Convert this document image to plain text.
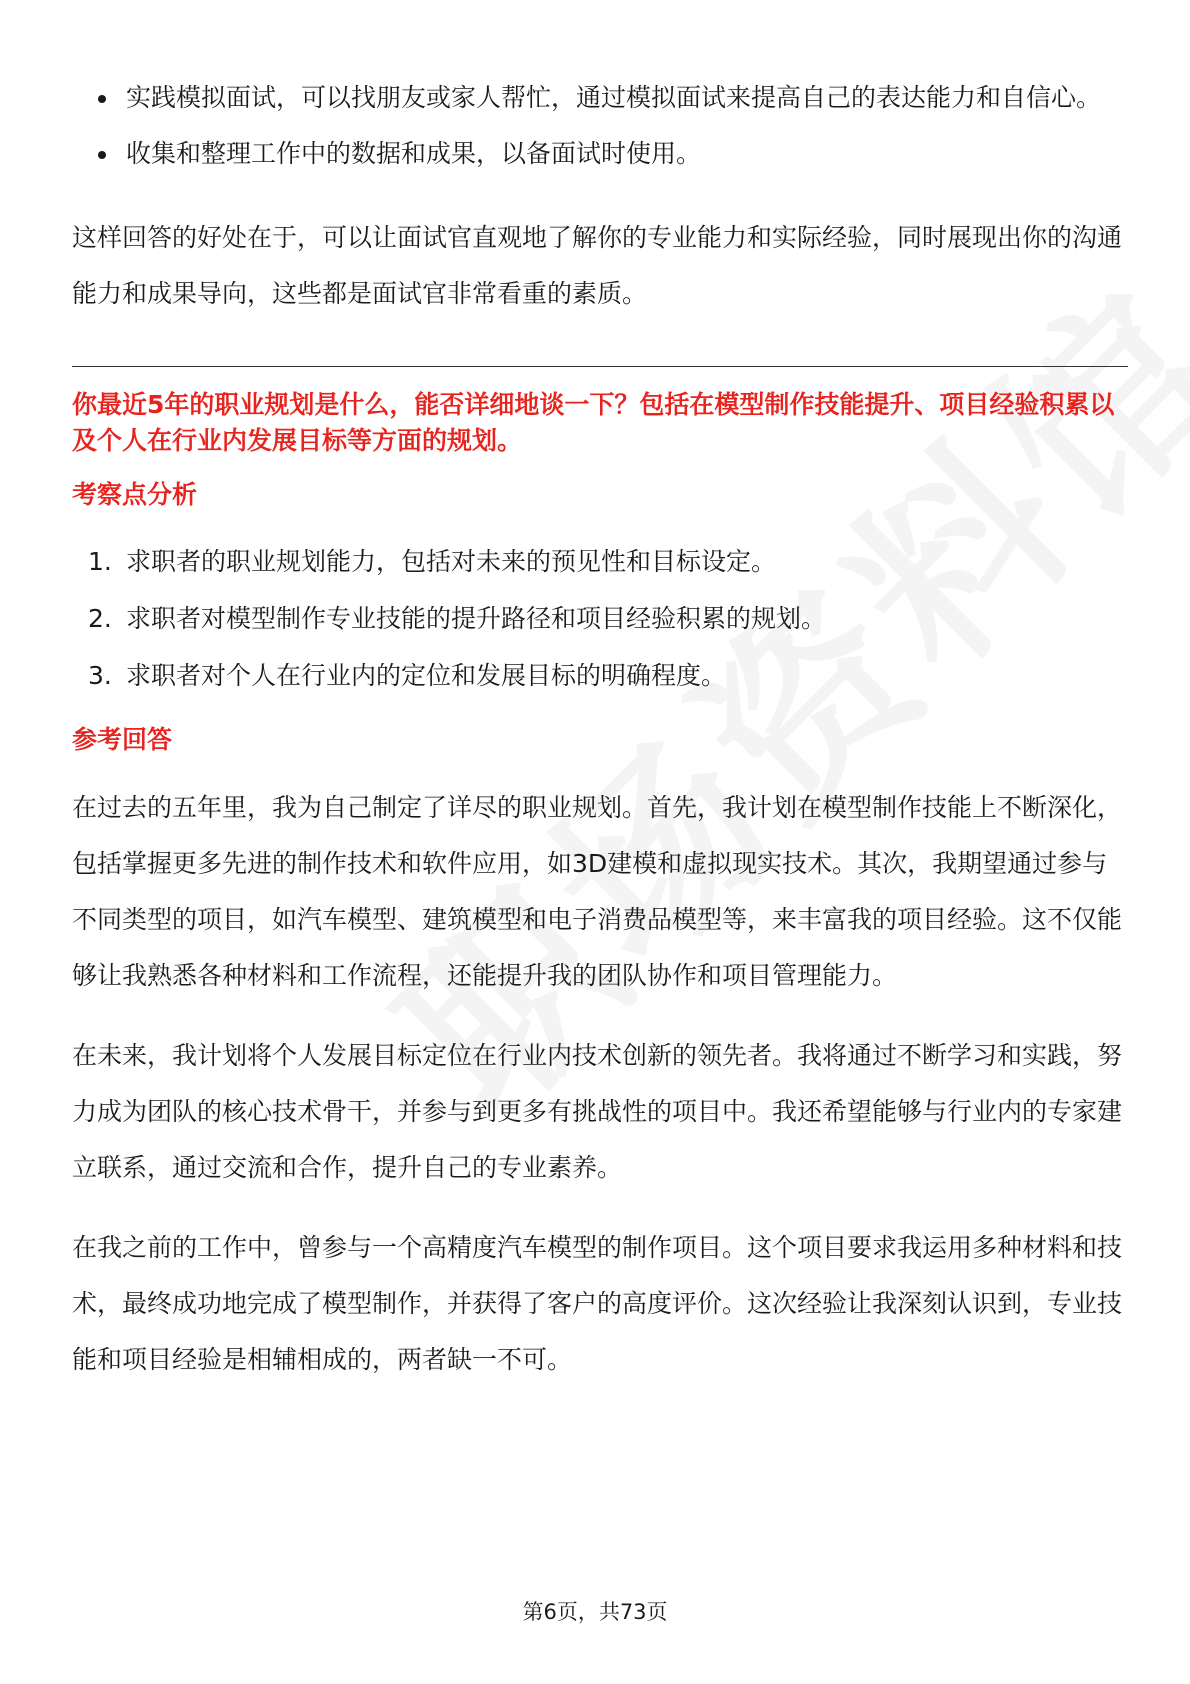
实践模拟面试，可以找朋友或家人帮忙，通过模拟面试来提高自己的表达能力和自信心。
收集和整理工作中的数据和成果，以备面试时使用。

这样回答的好处在于，可以让面试官直观地了解你的专业能力和实际经验，同时展现出你的沟通能力和成果导向，这些都是面试官非常看重的素质。

你最近5年的职业规划是什么，能否详细地谈一下？包括在模型制作技能提升、项目经验积累以及个人在行业内发展目标等方面的规划。

考察点分析
1. 求职者的职业规划能力，包括对未来的预见性和目标设定。
2. 求职者对模型制作专业技能的提升路径和项目经验积累的规划。
3. 求职者对个人在行业内的定位和发展目标的明确程度。
参考回答

在过去的五年里，我为自己制定了详尽的职业规划。首先，我计划在模型制作技能上不断深化，包括掌握更多先进的制作技术和软件应用，如3D建模和虚拟现实技术。其次，我期望通过参与不同类型的项目，如汽车模型、建筑模型和电子消费品模型等，来丰富我的项目经验。这不仅能够让我熟悉各种材料和工作流程，还能提升我的团队协作和项目管理能力。

在未来，我计划将个人发展目标定位在行业内技术创新的领先者。我将通过不断学习和实践，努力成为团队的核心技术骨干，并参与到更多有挑战性的项目中。我还希望能够与行业内的专家建立联系，通过交流和合作，提升自己的专业素养。

在我之前的工作中，曾参与一个高精度汽车模型的制作项目。这个项目要求我运用多种材料和技术，最终成功地完成了模型制作，并获得了客户的高度评价。这次经验让我深刻认识到，专业技能和项目经验是相辅相成的，两者缺一不可。

第6页，共73页
